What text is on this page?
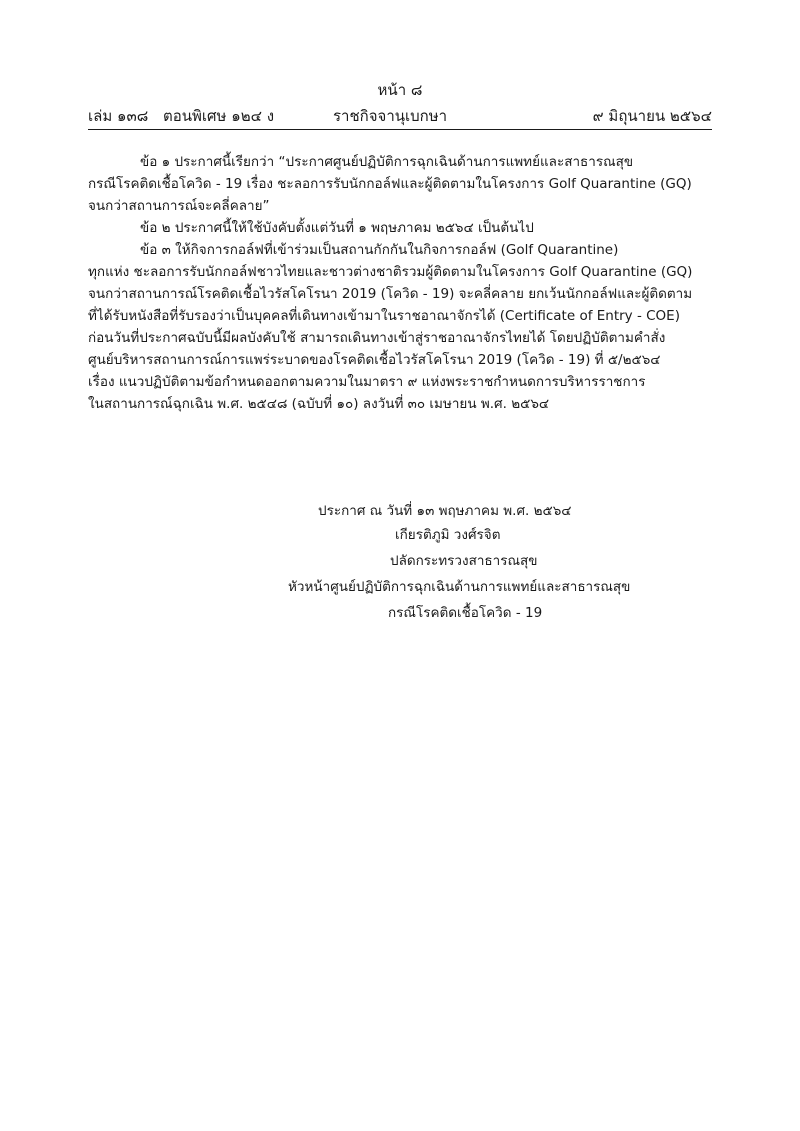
หน้า ๘
เล่ม ๑๓๘ ตอนพิเศษ ๑๒๔ ง	ราชกิจจานุเบกษา	๙ มิถุนายน ๒๕๖๔
ข้อ ๑ ประกาศนี้เรียกว่า “ประกาศศูนย์ปฏิบัติการฉุกเฉินด้านการแพทย์และสาธารณสุข
กรณีโรคติดเชื้อโควิด - 19 เรื่อง ชะลอการรับนักกอล์ฟและผู้ติดตามในโครงการ Golf Quarantine (GQ)
จนกว่าสถานการณ์จะคลี่คลาย”
ข้อ ๒ ประกาศนี้ให้ใช้บังคับตั้งแต่วันที่ ๑ พฤษภาคม ๒๕๖๔ เป็นต้นไป
ข้อ ๓ ให้กิจการกอล์ฟที่เข้าร่วมเป็นสถานกักกันในกิจการกอล์ฟ (Golf Quarantine)
ทุกแห่ง ชะลอการรับนักกอล์ฟชาวไทยและชาวต่างชาติรวมผู้ติดตามในโครงการ Golf Quarantine (GQ)
จนกว่าสถานการณ์โรคติดเชื้อไวรัสโคโรนา 2019 (โควิด - 19) จะคลี่คลาย ยกเว้นนักกอล์ฟและผู้ติดตาม
ที่ได้รับหนังสือที่รับรองว่าเป็นบุคคลที่เดินทางเข้ามาในราชอาณาจักรได้ (Certificate of Entry - COE)
ก่อนวันที่ประกาศฉบับนี้มีผลบังคับใช้ สามารถเดินทางเข้าสู่ราชอาณาจักรไทยได้ โดยปฏิบัติตามคำสั่ง
ศูนย์บริหารสถานการณ์การแพร่ระบาดของโรคติดเชื้อไวรัสโคโรนา 2019 (โควิด - 19) ที่ ๕/๒๕๖๔
เรื่อง แนวปฏิบัติตามข้อกำหนดออกตามความในมาตรา ๙ แห่งพระราชกำหนดการบริหารราชการ
ในสถานการณ์ฉุกเฉิน พ.ศ. ๒๕๔๘ (ฉบับที่ ๑๐) ลงวันที่ ๓๐ เมษายน พ.ศ. ๒๕๖๔
ประกาศ ณ วันที่ ๑๓ พฤษภาคม พ.ศ. ๒๕๖๔
เกียรติภูมิ วงศ์รจิต
ปลัดกระทรวงสาธารณสุข
หัวหน้าศูนย์ปฏิบัติการฉุกเฉินด้านการแพทย์และสาธารณสุข
กรณีโรคติดเชื้อโควิด - 19
